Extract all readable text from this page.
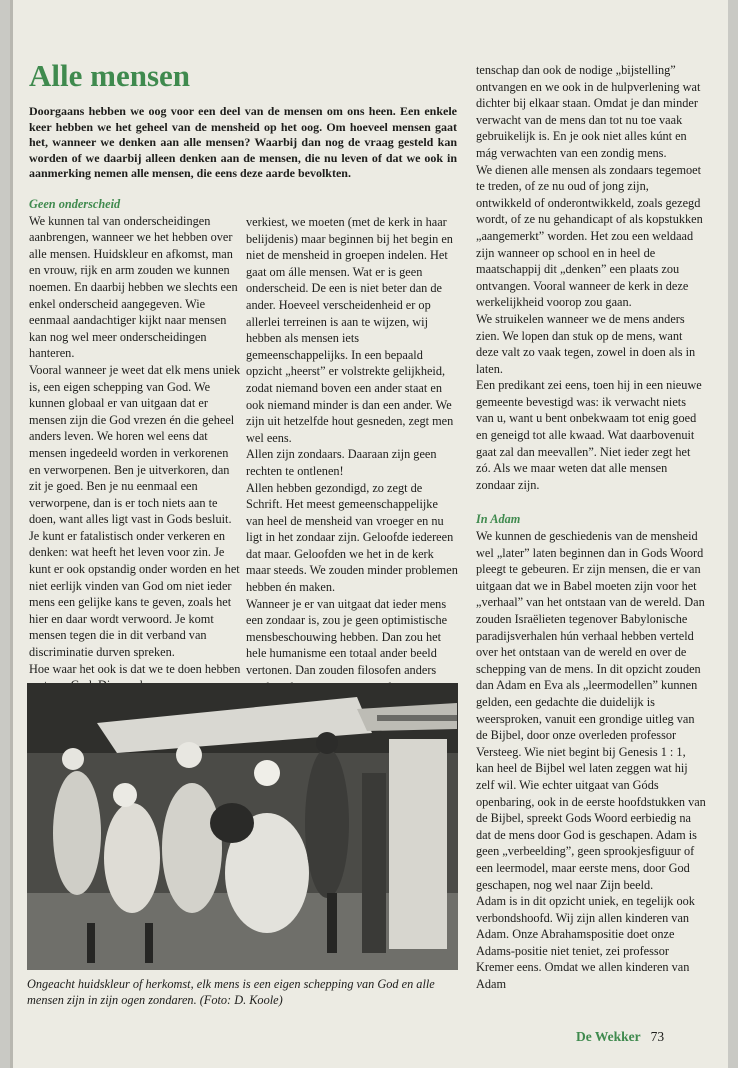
Alle mensen

Doorgaans hebben we oog voor een deel van de mensen om ons heen. Een enkele keer hebben we het geheel van de mensheid op het oog. Om hoeveel mensen gaat het, wanneer we denken aan alle mensen? Waarbij dan nog de vraag gesteld kan worden of we daarbij alleen denken aan de mensen, die nu leven of dat we ook in aanmerking nemen alle mensen, die eens deze aarde bevolkten.

Geen onderscheid

We kunnen tal van onderscheidingen aanbrengen, wanneer we het hebben over alle mensen. Huidskleur en afkomst, man en vrouw, rijk en arm zouden we kunnen noemen. En daarbij hebben we slechts een enkel onderscheid aangegeven. Wie eenmaal aandachtiger kijkt naar mensen kan nog wel meer onderscheidingen hanteren.

Vooral wanneer je weet dat elk mens uniek is, een eigen schepping van God. We kunnen globaal er van uitgaan dat er mensen zijn die God vrezen én die geheel anders leven. We horen wel eens dat mensen ingedeeld worden in verkorenen en verworpenen. Ben je uitverkoren, dan zit je goed. Ben je nu eenmaal een verworpene, dan is er toch niets aan te doen, want alles ligt vast in Gods besluit. Je kunt er fatalistisch onder verkeren en denken: wat heeft het leven voor zin. Je kunt er ook opstandig onder worden en het niet eerlijk vinden van God om niet ieder mens een gelijke kans te geven, zoals het hier en daar wordt verwoord. Je komt mensen tegen die in dit verband van discriminatie durven spreken.

Hoe waar het ook is dat we te doen hebben

verkiest, we moeten (met de kerk in haar belijdenis) maar beginnen bij het begin en niet de mensheid in groepen indelen. Het gaat om álle mensen. Wat er is geen onderscheid. De een is niet beter dan de ander. Hoeveel verscheidenheid er op allerlei terreinen is aan te wijzen, wij hebben als mensen iets gemeenschappelijks. In een bepaald opzicht „heerst” er volstrekte gelijkheid, zodat niemand boven een ander staat en ook niemand minder is dan een ander. We zijn uit hetzelfde hout gesneden, zegt men wel eens.

Allen zijn zondaars. Daaraan zijn geen rechten te ontlenen!

Allen hebben gezondigd, zo zegt de Schrift. Het meest gemeenschappelijke van heel de mensheid van vroeger en nu ligt in het zondaar zijn. Geloofde iedereen dat maar. Geloofden we het in de kerk maar steeds. We zouden minder problemen hebben én maken.

Wanneer je er van uitgaat dat ieder mens een zondaar is, zou je geen optimistische mensbeschouwing hebben. Dan zou het hele humanisme een totaal ander beeld vertonen. Dan zouden filosofen anders

tenschap dan ook de nodige „bijstelling” ontvangen en we ook in de hulpverlening wat dichter bij elkaar staan. Omdat je dan minder verwacht van de mens dan tot nu toe vaak gebruikelijk is. En je ook niet alles kúnt en mág verwachten van een zondig mens.

We dienen alle mensen als zondaars tegemoet te treden, of ze nu oud of jong zijn, ontwikkeld of onderontwikkeld, zoals gezegd wordt, of ze nu gehandicapt of als kopstukken „aangemerkt” worden. Het zou een weldaad zijn wanneer op school en in heel de maatschappij dit „denken” een plaats zou ontvangen. Vooral wanneer de kerk in deze werkelijkheid voorop zou gaan.

We struikelen wanneer we de mens anders zien. We lopen dan stuk op de mens, want deze valt zo vaak tegen, zowel in doen als in laten.

Een predikant zei eens, toen hij in een nieuwe gemeente bevestigd was: ik verwacht niets van u, want u bent onbekwaam tot enig goed en geneigd tot alle kwaad. Wat daarbovenuit gaat zal dan meevallen”. Niet ieder zegt het zó. Als we maar weten dat alle mensen zondaar zijn.

In Adam

We kunnen de geschiedenis van de mensheid wel „later” laten beginnen dan in Gods Woord pleegt te gebeuren. Er zijn mensen, die er van uitgaan dat we in Babel moeten zijn voor het „verhaal” van het ontstaan van de wereld. Dan zouden Israëlieten tegenover Babylonische paradijsverhalen hún verhaal hebben verteld over het ontstaan van de wereld en over de schepping van de mens. In dit opzicht zouden dan Adam en Eva als „leermodellen” kunnen gelden, een gedachte die duidelijk is weersproken, vanuit een grondige uitleg van de Bijbel, door onze overleden professor Versteeg. Wie niet begint bij Genesis 1 : 1, kan heel de Bijbel wel laten zeggen wat hij zelf wil. Wie echter uitgaat van Góds openbaring, ook in de eerste hoofdstukken van de Bijbel, spreekt Gods Woord eerbiedig na dat de mens door God is geschapen. Adam is geen „verbeelding”, geen sprookjesfiguur of een leermodel, maar eerste mens, door God geschapen, nog wel naar Zijn beeld.

Adam is in dit opzicht uniek, en tegelijk ook verbondshoofd. Wij zijn allen kinderen van Adam. Onze Abrahamspositie doet onze Adams-positie niet teniet, zei professor Kremer eens. Omdat we allen kinderen van Adam

Ongeacht huidskleur of herkomst, elk mens is een eigen schepping van God en alle mensen zijn in zijn ogen zondaren. (Foto: D. Koole)

De Wekker 73
